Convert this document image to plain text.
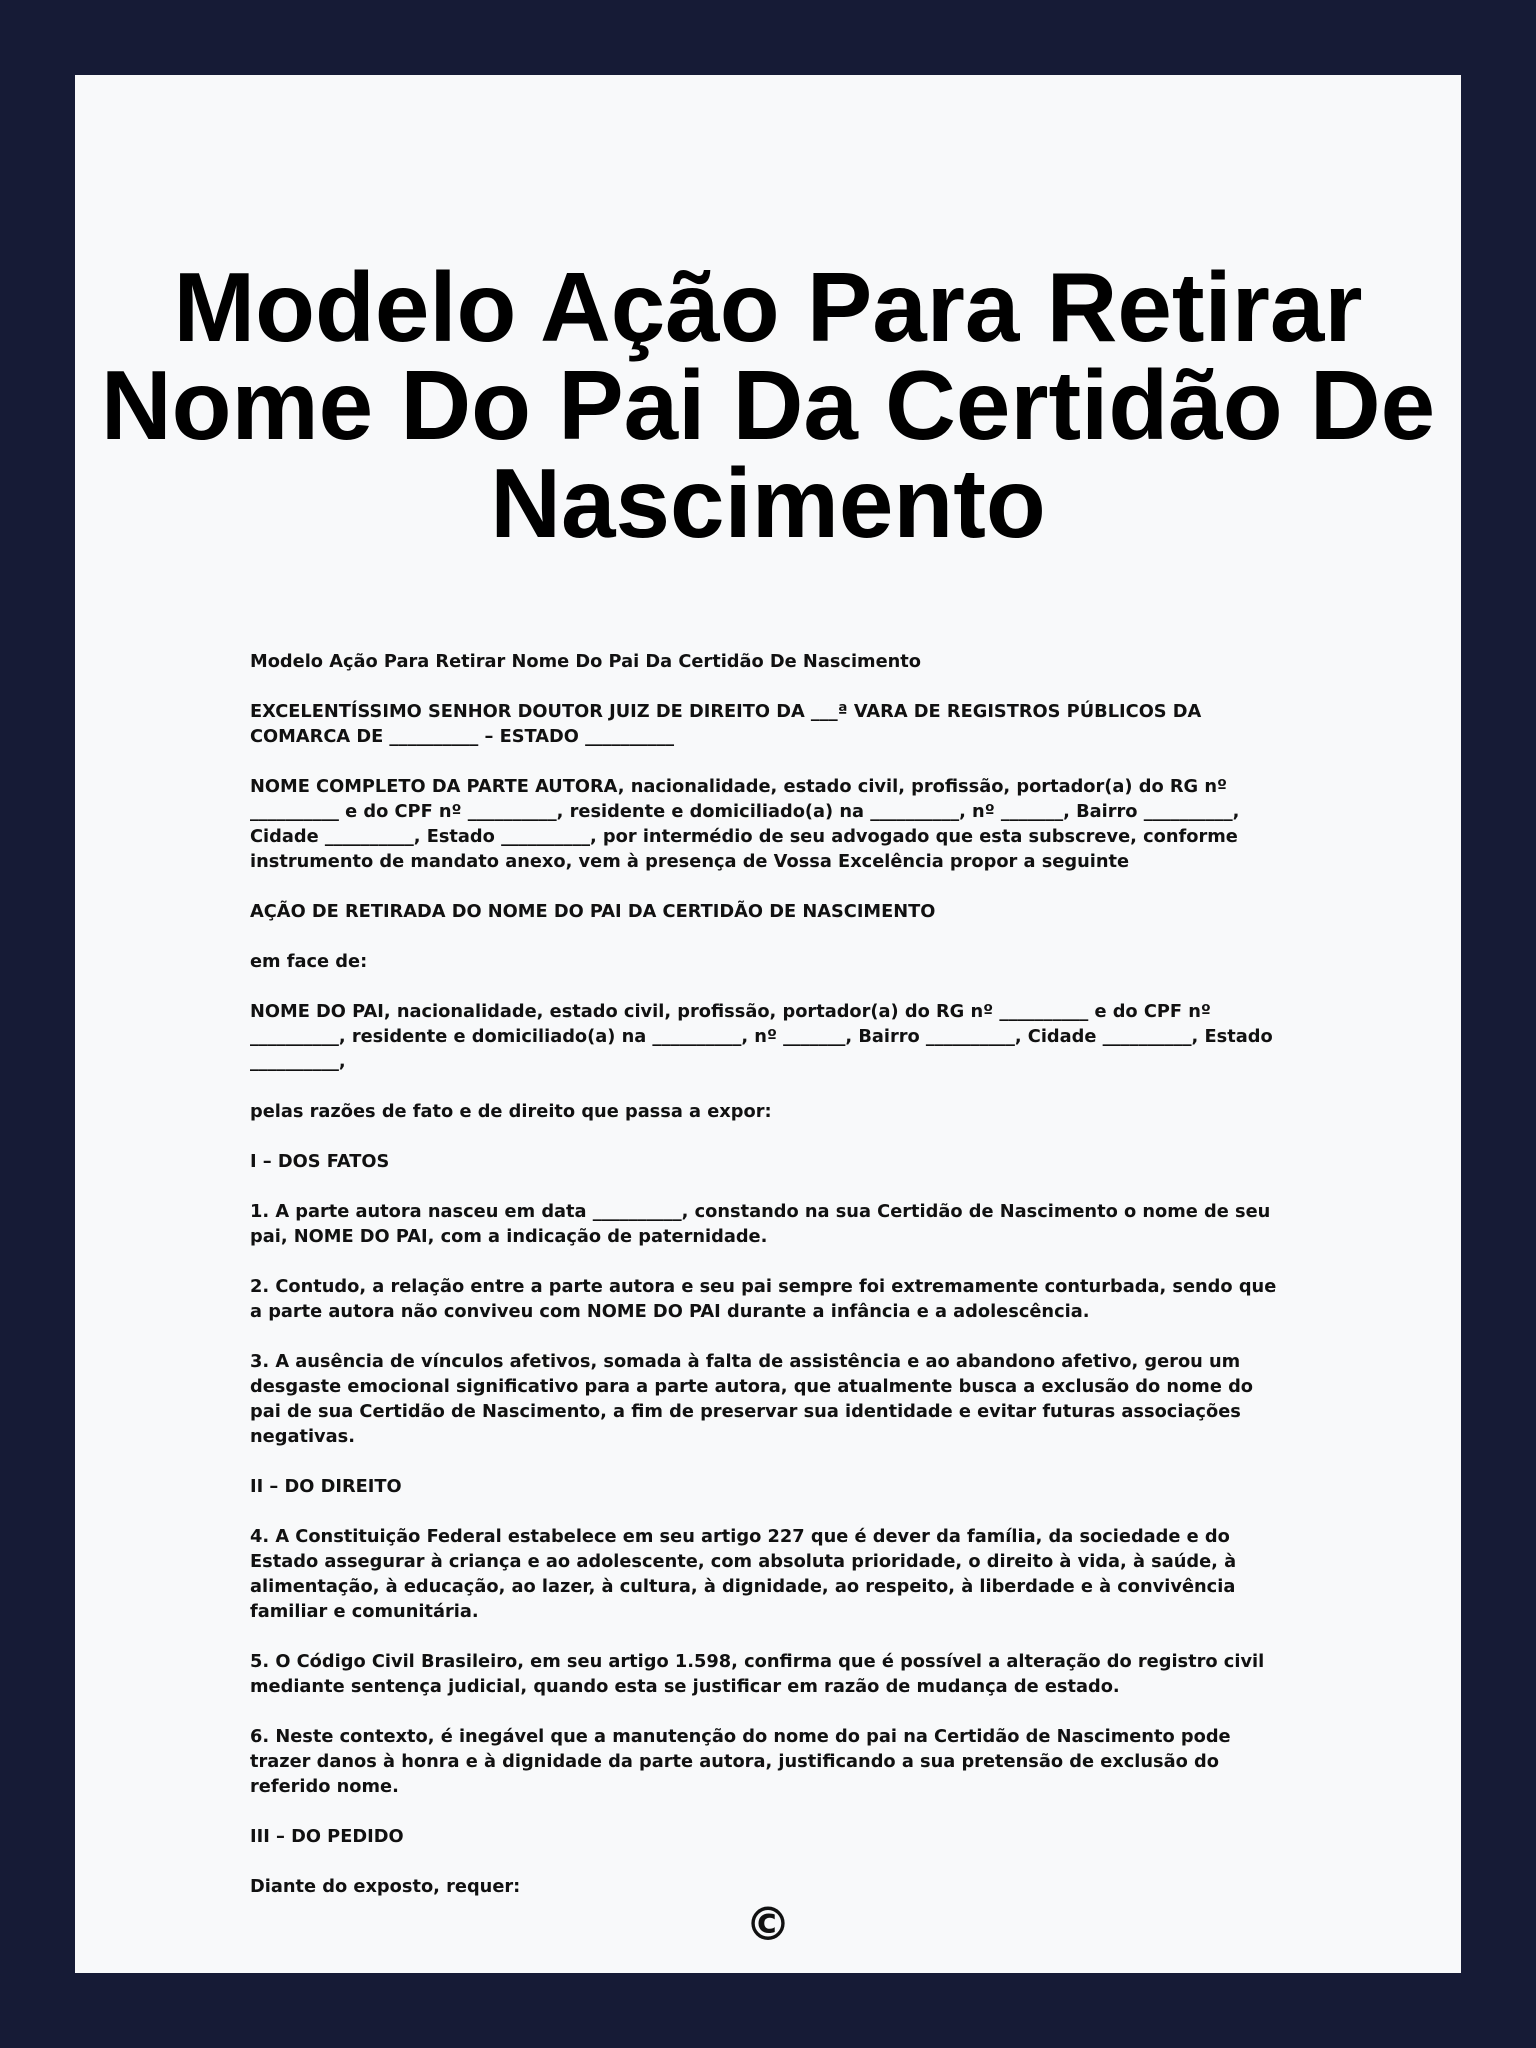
Modelo Ação Para Retirar Nome Do Pai Da Certidão De Nascimento

Modelo Ação Para Retirar Nome Do Pai Da Certidão De Nascimento

EXCELENTÍSSIMO SENHOR DOUTOR JUIZ DE DIREITO DA ___ª VARA DE REGISTROS PÚBLICOS DA COMARCA DE __________ – ESTADO __________

NOME COMPLETO DA PARTE AUTORA, nacionalidade, estado civil, profissão, portador(a) do RG nº __________ e do CPF nº __________, residente e domiciliado(a) na __________, nº _______, Bairro __________, Cidade __________, Estado __________, por intermédio de seu advogado que esta subscreve, conforme instrumento de mandato anexo, vem à presença de Vossa Excelência propor a seguinte

AÇÃO DE RETIRADA DO NOME DO PAI DA CERTIDÃO DE NASCIMENTO

em face de:

NOME DO PAI, nacionalidade, estado civil, profissão, portador(a) do RG nº __________ e do CPF nº __________, residente e domiciliado(a) na __________, nº _______, Bairro __________, Cidade __________, Estado __________,

pelas razões de fato e de direito que passa a expor:

I – DOS FATOS

1. A parte autora nasceu em data __________, constando na sua Certidão de Nascimento o nome de seu pai, NOME DO PAI, com a indicação de paternidade.

2. Contudo, a relação entre a parte autora e seu pai sempre foi extremamente conturbada, sendo que a parte autora não conviveu com NOME DO PAI durante a infância e a adolescência.

3. A ausência de vínculos afetivos, somada à falta de assistência e ao abandono afetivo, gerou um desgaste emocional significativo para a parte autora, que atualmente busca a exclusão do nome do pai de sua Certidão de Nascimento, a fim de preservar sua identidade e evitar futuras associações negativas.

II – DO DIREITO

4. A Constituição Federal estabelece em seu artigo 227 que é dever da família, da sociedade e do Estado assegurar à criança e ao adolescente, com absoluta prioridade, o direito à vida, à saúde, à alimentação, à educação, ao lazer, à cultura, à dignidade, ao respeito, à liberdade e à convivência familiar e comunitária.

5. O Código Civil Brasileiro, em seu artigo 1.598, confirma que é possível a alteração do registro civil mediante sentença judicial, quando esta se justificar em razão de mudança de estado.

6. Neste contexto, é inegável que a manutenção do nome do pai na Certidão de Nascimento pode trazer danos à honra e à dignidade da parte autora, justificando a sua pretensão de exclusão do referido nome.

III – DO PEDIDO

Diante do exposto, requer:

©
